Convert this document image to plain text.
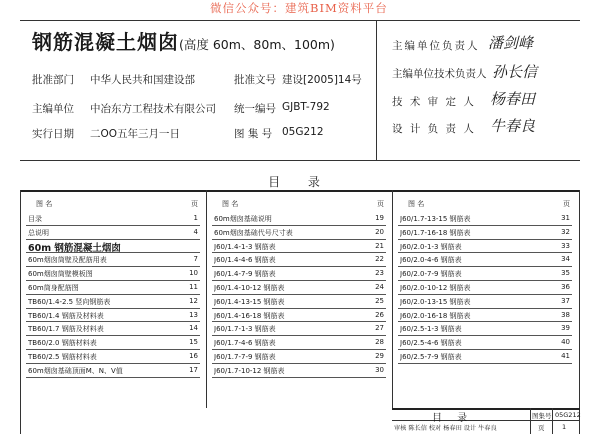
微信公众号：建筑BIM资料平台
钢筋混凝土烟囱(高度 60m、80m、100m)
批准部门 中华人民共和国建设部	批准文号 建设[2005]14号
主编单位 中冶东方工程技术有限公司 统一编号 GJBT-792
实行日期 二OO五年三月一日	图 集 号 05G212
主编单位负责人 潘剑峰
主编单位技术负责人 孙长信
技 术 审 定 人 杨春田
设 计 负 责 人 牛春良
目 录
图 名	页
目录	1
总说明	4
60m 钢筋混凝土烟囱
60m烟囱筒壁及配筋用表	7
60m烟囱筒壁模板图	10
60m筒身配筋图	11
TB60/1.4-2.5 竖向钢筋表	12
TB60/1.4 钢筋及材料表	13
TB60/1.7 钢筋及材料表	14
TB60/2.0 钢筋材料表	15
TB60/2.5 钢筋材料表	16
60m烟囱基础顶面M、N、V值	17
图 名	页
60m烟囱基础说明	19
60m烟囱基础代号尺寸表	20
J60/1.4-1-3 钢筋表	21
J60/1.4-4-6 钢筋表	22
J60/1.4-7-9 钢筋表	23
J60/1.4-10-12 钢筋表	24
J60/1.4-13-15 钢筋表	25
J60/1.4-16-18 钢筋表	26
J60/1.7-1-3 钢筋表	27
J60/1.7-4-6 钢筋表	28
J60/1.7-7-9 钢筋表	29
J60/1.7-10-12 钢筋表	30
图 名	页
J60/1.7-13-15 钢筋表	31
J60/1.7-16-18 钢筋表	32
J60/2.0-1-3 钢筋表	33
J60/2.0-4-6 钢筋表	34
J60/2.0-7-9 钢筋表	35
J60/2.0-10-12 钢筋表	36
J60/2.0-13-15 钢筋表	37
J60/2.0-16-18 钢筋表	38
J60/2.5-1-3 钢筋表	39
J60/2.5-4-6 钢筋表	40
J60/2.5-7-9 钢筋表	41
目 录	图集号 05G212
审核 陈长信 校对 杨春田 设计 牛春良	页	1
